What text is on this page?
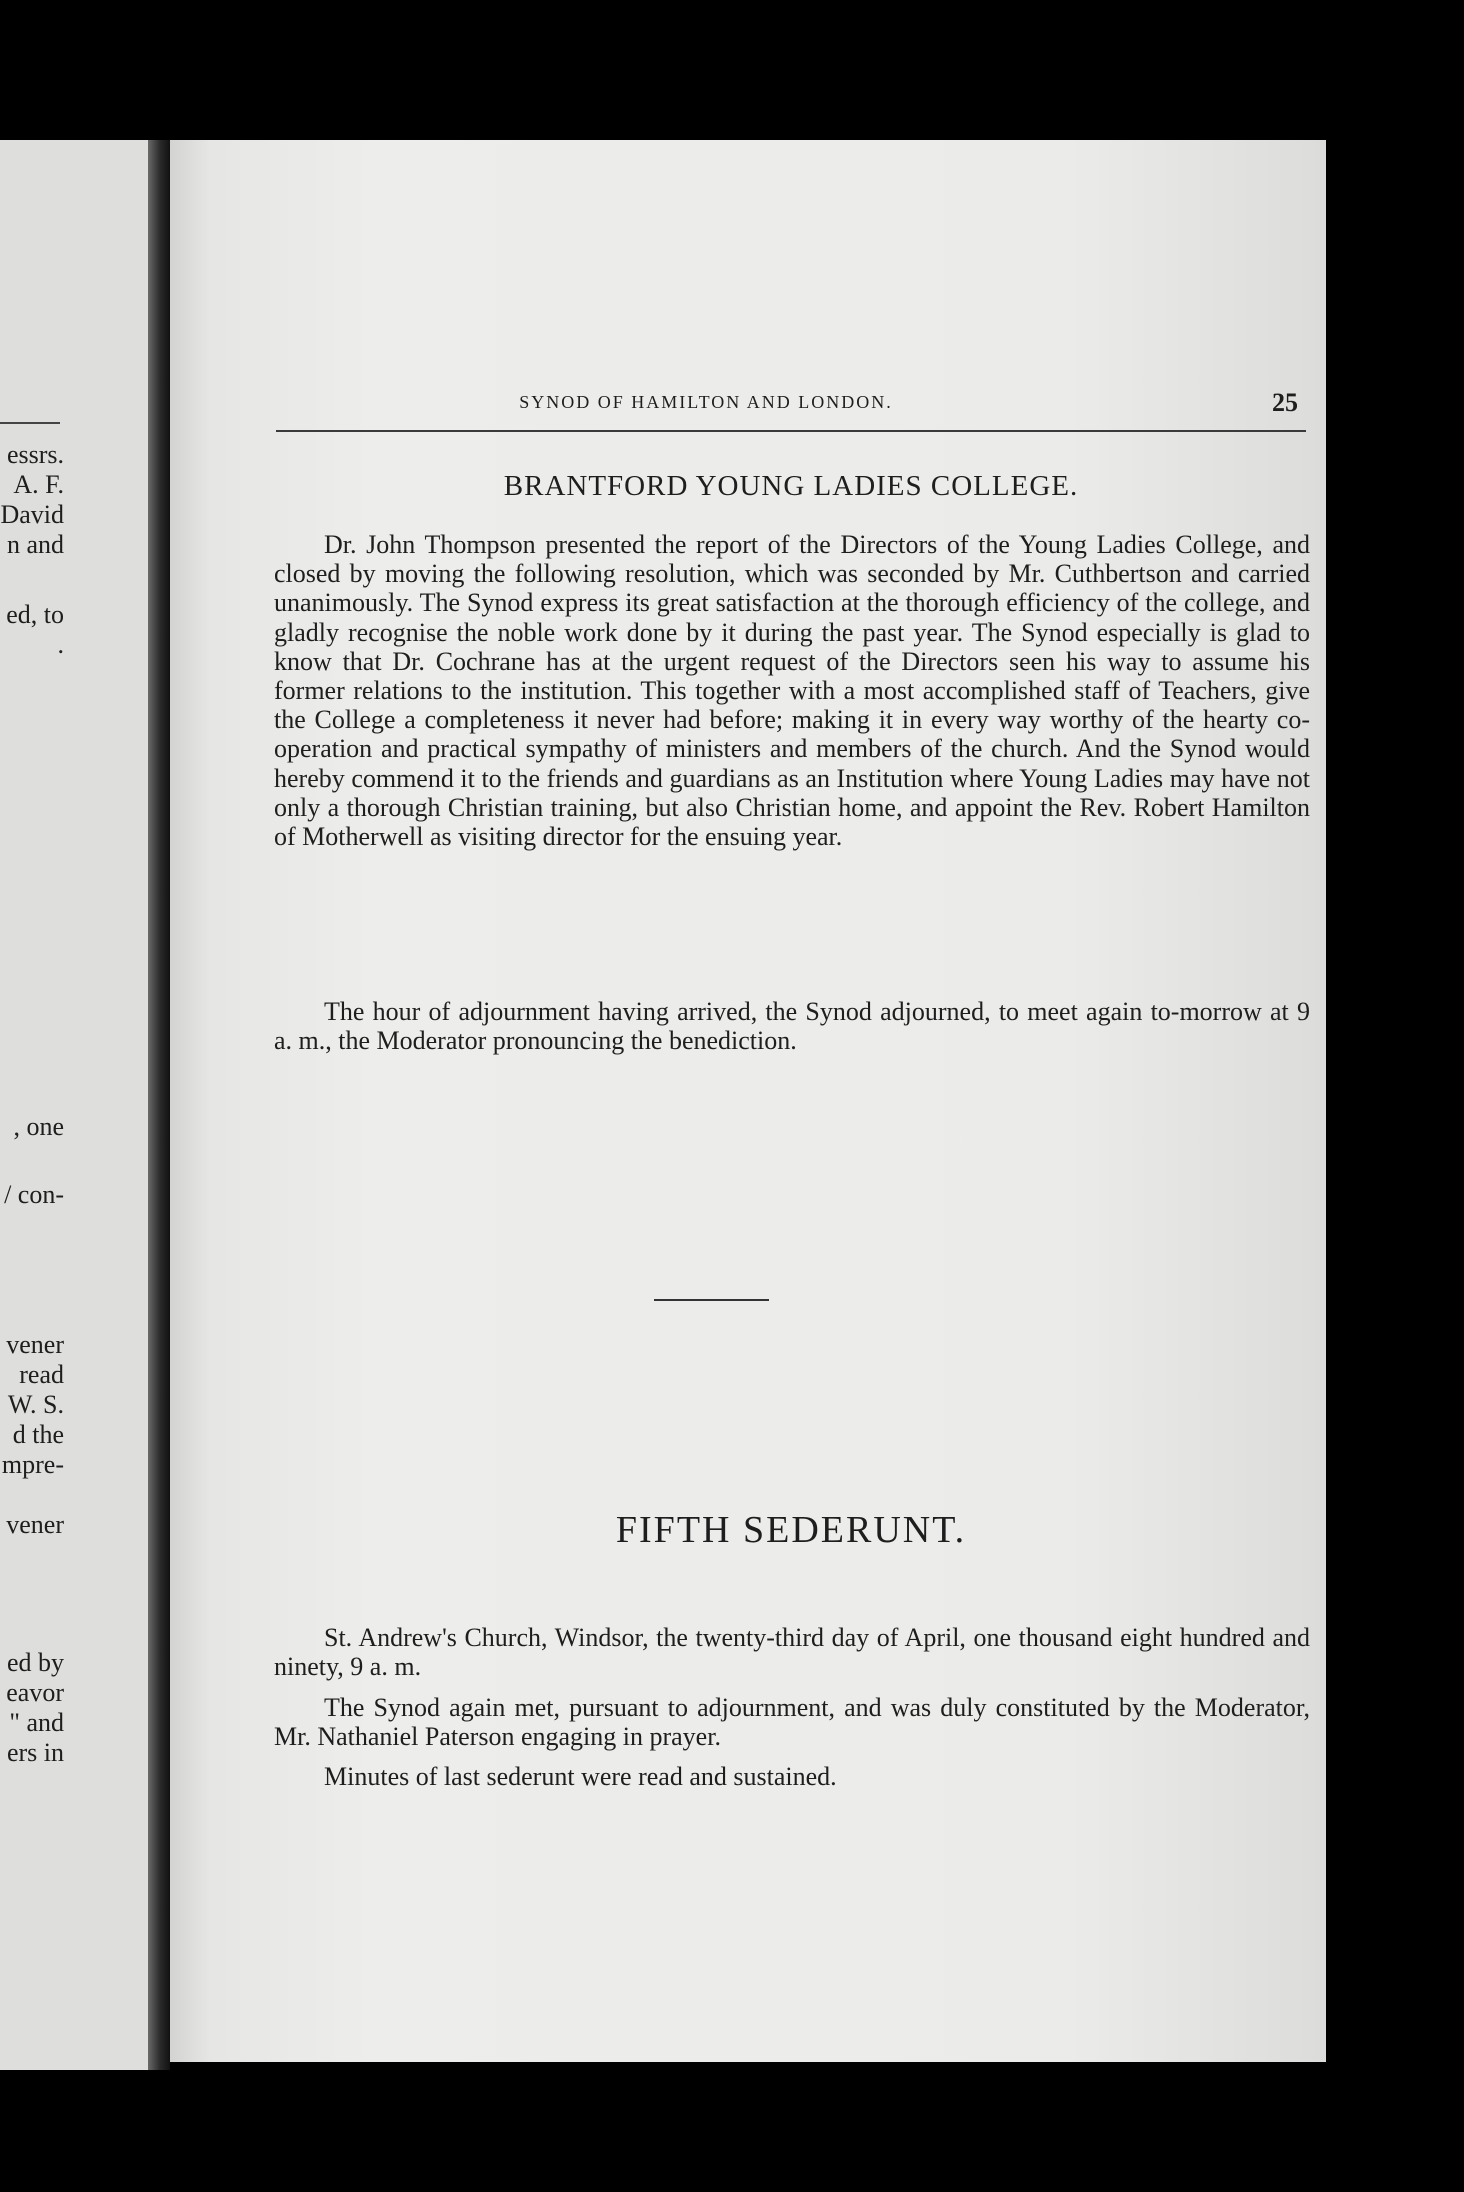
essrs.
A. F.
David
n and
ed, to
.
, one
/ con-
vener
read
W. S.
d the
mpre-
vener
ed by
eavor
" and
ers in
SYNOD OF HAMILTON AND LONDON.	25
BRANTFORD YOUNG LADIES COLLEGE.

Dr. John Thompson presented the report of the Directors of the Young Ladies College, and closed by moving the following resolution, which was seconded by Mr. Cuthbertson and carried unanimously. The Synod express its great satisfaction at the thorough efficiency of the college, and gladly recognise the noble work done by it during the past year. The Synod especially is glad to know that Dr. Cochrane has at the urgent request of the Directors seen his way to assume his former relations to the institution. This together with a most accomplished staff of Teachers, give the College a completeness it never had before; making it in every way worthy of the hearty co-operation and practical sympathy of ministers and members of the church. And the Synod would hereby commend it to the friends and guardians as an Institution where Young Ladies may have not only a thorough Christian training, but also Christian home, and appoint the Rev. Robert Hamilton of Motherwell as visiting director for the ensuing year.

The hour of adjournment having arrived, the Synod adjourned, to meet again to-morrow at 9 a. m., the Moderator pronouncing the benediction.

FIFTH SEDERUNT.

St. Andrew's Church, Windsor, the twenty-third day of April, one thousand eight hundred and ninety, 9 a. m.

The Synod again met, pursuant to adjournment, and was duly constituted by the Moderator, Mr. Nathaniel Paterson engaging in prayer.

Minutes of last sederunt were read and sustained.
